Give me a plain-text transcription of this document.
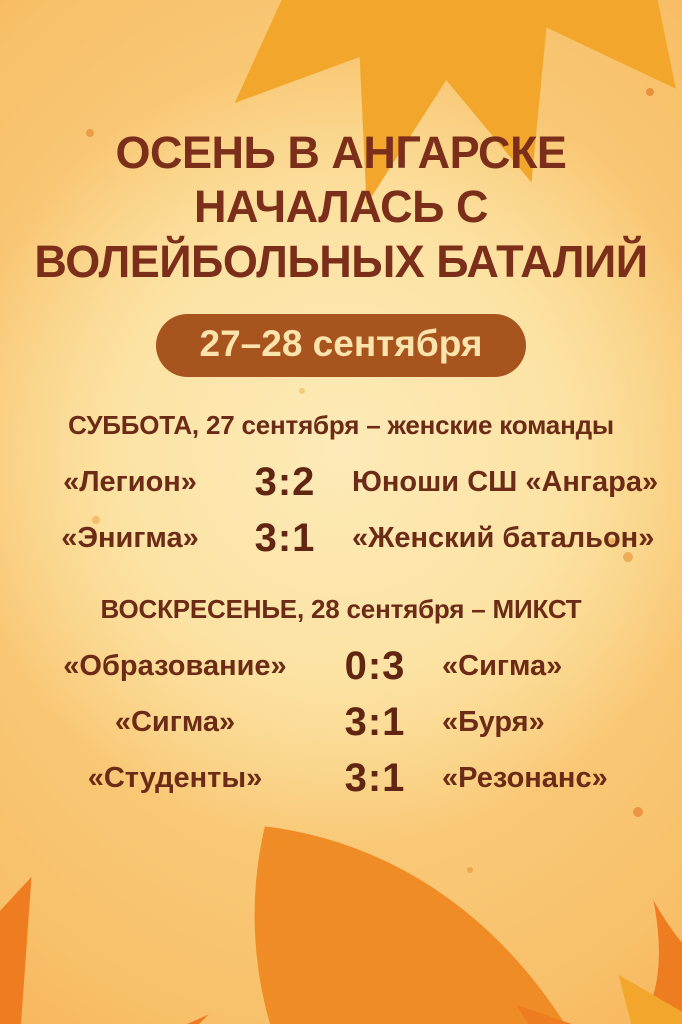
ОСЕНЬ В АНГАРСКЕ
НАЧАЛАСЬ С
ВОЛЕЙБОЛЬНЫХ БАТАЛИЙ
27–28 сентября
СУББОТА, 27 сентября – женские команды
«Легион»	3:2	Юноши СШ «Ангара»
«Энигма»	3:1	«Женский батальон»
ВОСКРЕСЕНЬЕ, 28 сентября – МИКСТ
«Образование»	0:3	«Сигма»
«Сигма»	3:1	«Буря»
«Студенты»	3:1	«Резонанс»
